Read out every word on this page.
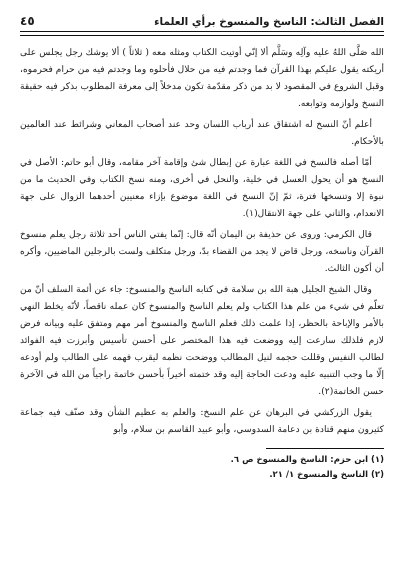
الفصل الثالث: الناسخ والمنسوخ برأي العلماء
٤٥

الله صَلَّى اللهُ عليه وآلِه وسَلَّم ألا إنّي أوتيت الكتاب ومثله معه ( ثلاثاً ) ألا يوشك رجل يجلس على أريكته يقول عليكم بهذا القرآن فما وجدتم فيه من حلال فأحلوه وما وجدتم فيه من حرام فحرموه، وقبل الشروع في المقصود لا بد من ذكر مقدّمة تكون مدخلاً إلى معرفة المطلوب بذكر فيه حقيقة النسخ ولوازمه وتوابعه.

أعلم أنّ النسخ له اشتقاق عند أرباب اللسان وحد عند أصحاب المعاني وشرائط عند العالمين بالأحكام.

أمّا أصله فالنسخ في اللغة عبارة عن إبطال شئ وإقامة آخر مقامه، وقال أبو حاتم: الأصل في النسخ هو أن يحول العسل في خلية، والنحل في أخرى، ومنه نسخ الكتاب وفي الحديث ما من نبوة إلا وتنسخها فترة، ثمّ إنّ النسخ في اللغة موضوع بإزاء معنيين أحدهما الزوال على جهة الانعدام، والثاني على جهة الانتقال(١).

قال الكرمي: وروى عن حذيفة بن اليمان أنّه قال: إنّما يفتي الناس أحد ثلاثة رجل يعلم منسوخ القرآن وناسخه، ورجل قاض لا يجد من القضاء بدّ، ورجل متكلف ولست بالرجلين الماضيين، وأكره أن أكون الثالث.

وقال الشيخ الجليل هبة الله بن سلامة في كتابه الناسخ والمنسوخ: جاء عن أئمة السلف أنّ من تعلّم في شيء من علم هذا الكتاب ولم يعلم الناسخ والمنسوخ كان عمله ناقصاً، لأنّه يخلط النهي بالأمر والإباحة بالحظر، إذا علمت ذلك فعلم الناسخ والمنسوخ أمر مهم ومتفق عليه وبيانه فرض لازم فلذلك سارعت إليه ووضعت فيه هذا المختصر على أحسن تأسيس وأبرزت فيه الفوائد لطالب النفيس وقللت حجمه لنيل المطالب ووضحت نظمه ليقرب فهمه على الطالب ولم أودعه إلّا ما وجب التنبيه عليه ودعت الحاجة إليه وقد ختمته أخيراً بأحسن خاتمة راجياً من الله في الآخرة حسن الخاتمة(٢).

يقول الزركشي في البرهان عن علم النسخ: والعلم به عظيم الشأن وقد صنّف فيه جماعة كثيرون منهم قتادة بن دعامة السدوسي، وأبو عبيد القاسم بن سلام، وأبو

(١) ابن حزم: الناسخ والمنسوخ ص ٦.
(٢) الناسخ والمنسوخ ١/ ٢١.
